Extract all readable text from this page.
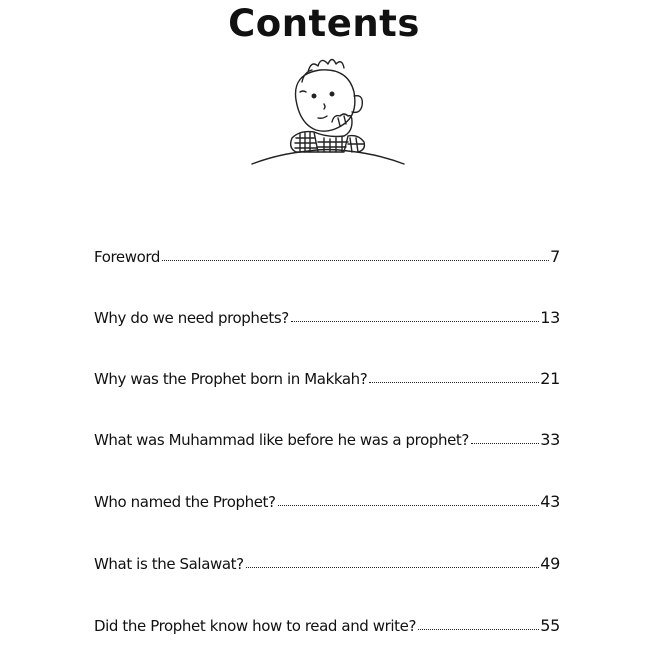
Contents
Foreword	7
Why do we need prophets?	13
Why was the Prophet born in Makkah?	21
What was Muhammad like before he was a prophet?	33
Who named the Prophet?	43
What is the Salawat?	49
Did the Prophet know how to read and write?	55
